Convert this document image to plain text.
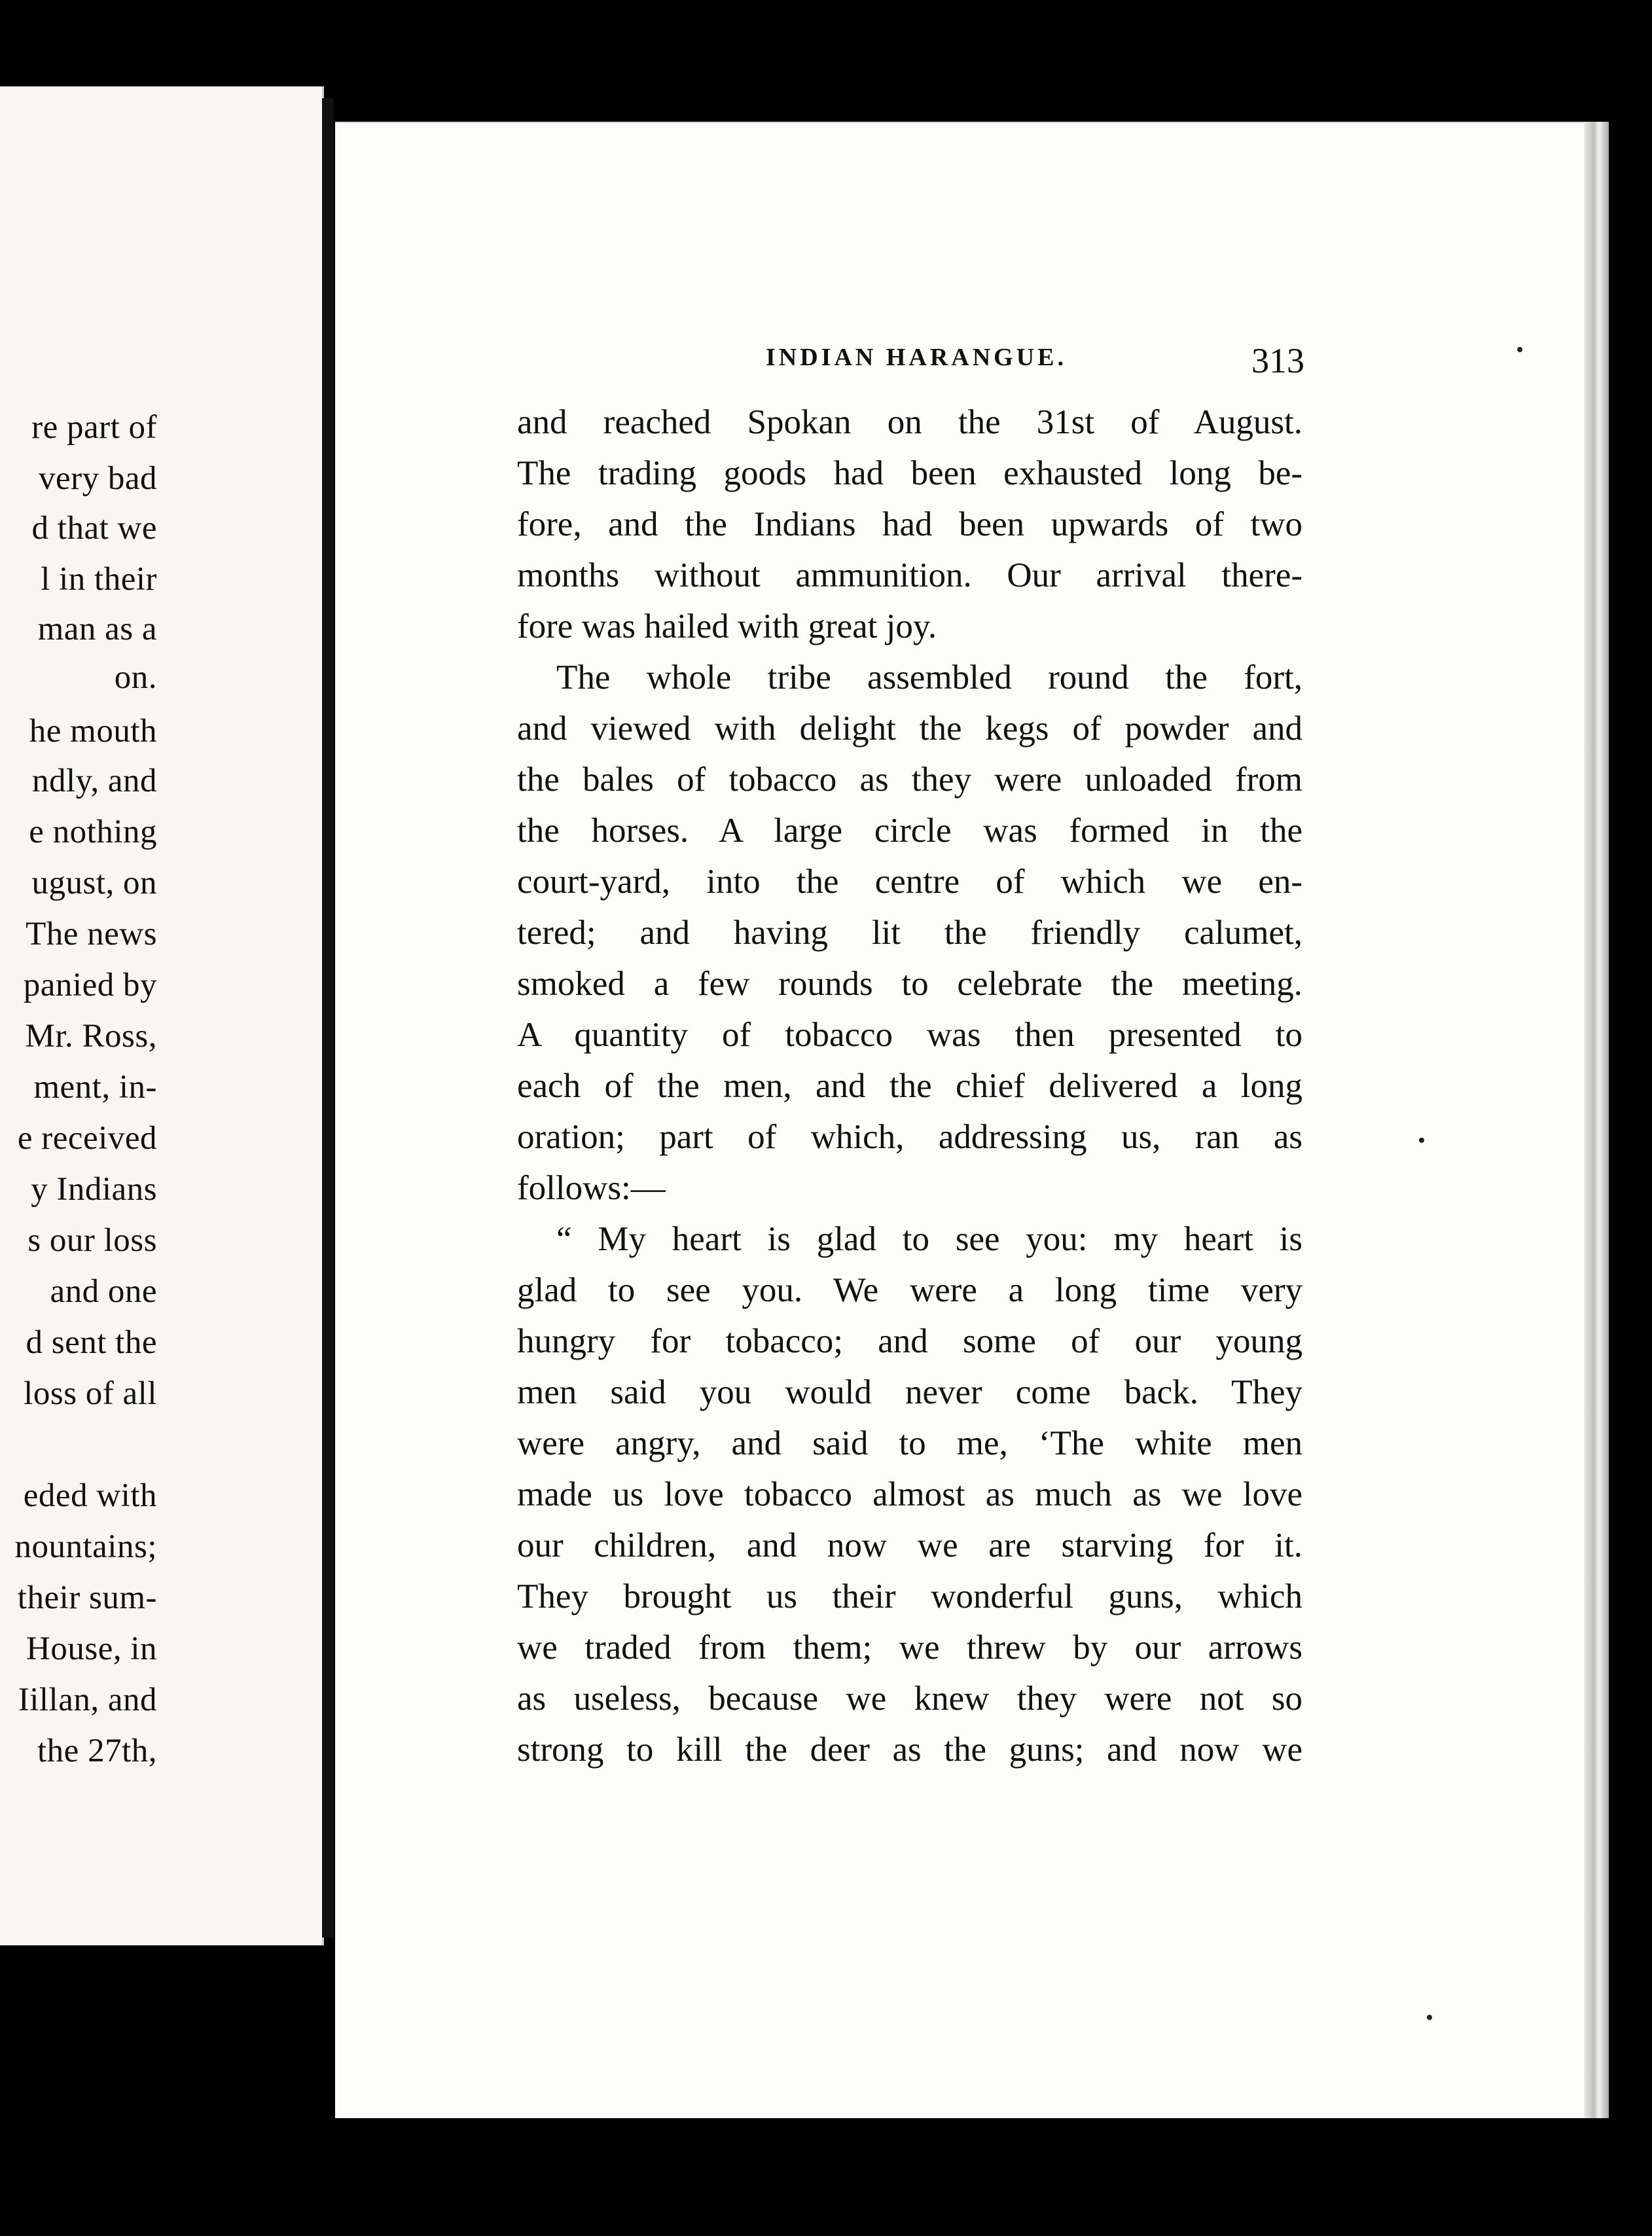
re part of
very bad
d that we
l in their
man as a
on.
he mouth
ndly, and
e nothing
ugust, on
The news
panied by
Mr. Ross,
ment, in-
e received
y Indians
s our loss
and one
d sent the
loss of all
eded with
nountains;
their sum-
House, in
Iillan, and
the 27th,
INDIAN HARANGUE.	313
and reached Spokan on the 31st of August.
The trading goods had been exhausted long be-
fore, and the Indians had been upwards of two
months without ammunition. Our arrival there-
fore was hailed with great joy.
The whole tribe assembled round the fort,
and viewed with delight the kegs of powder and
the bales of tobacco as they were unloaded from
the horses. A large circle was formed in the
court-yard, into the centre of which we en-
tered; and having lit the friendly calumet,
smoked a few rounds to celebrate the meeting.
A quantity of tobacco was then presented to
each of the men, and the chief delivered a long
oration; part of which, addressing us, ran as
follows:—
“ My heart is glad to see you: my heart is
glad to see you. We were a long time very
hungry for tobacco; and some of our young
men said you would never come back. They
were angry, and said to me, ‘The white men
made us love tobacco almost as much as we love
our children, and now we are starving for it.
They brought us their wonderful guns, which
we traded from them; we threw by our arrows
as useless, because we knew they were not so
strong to kill the deer as the guns; and now we
